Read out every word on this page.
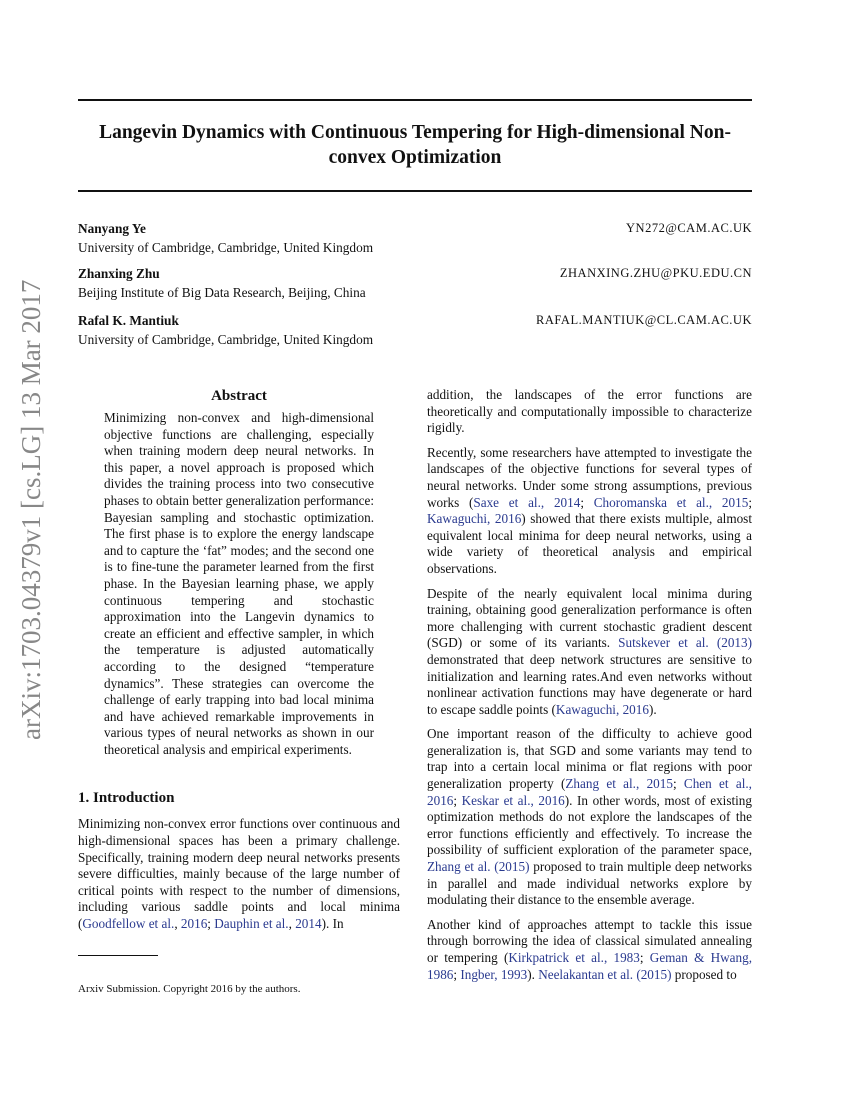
arXiv:1703.04379v1 [cs.LG] 13 Mar 2017
Langevin Dynamics with Continuous Tempering for High-dimensional Non-convex Optimization
Nanyang Ye
University of Cambridge, Cambridge, United Kingdom
YN272@CAM.AC.UK
Zhanxing Zhu
Beijing Institute of Big Data Research, Beijing, China
ZHANXING.ZHU@PKU.EDU.CN
Rafal K. Mantiuk
University of Cambridge, Cambridge, United Kingdom
RAFAL.MANTIUK@CL.CAM.AC.UK
Abstract

Minimizing non-convex and high-dimensional objective functions are challenging, especially when training modern deep neural networks. In this paper, a novel approach is proposed which divides the training process into two consecutive phases to obtain better generalization performance: Bayesian sampling and stochastic optimization. The first phase is to explore the energy landscape and to capture the ‘fat” modes; and the second one is to fine-tune the parameter learned from the first phase. In the Bayesian learning phase, we apply continuous tempering and stochastic approximation into the Langevin dynamics to create an efficient and effective sampler, in which the temperature is adjusted automatically according to the designed “temperature dynamics”. These strategies can overcome the challenge of early trapping into bad local minima and have achieved remarkable improvements in various types of neural networks as shown in our theoretical analysis and empirical experiments.

1. Introduction

Minimizing non-convex error functions over continuous and high-dimensional spaces has been a primary challenge. Specifically, training modern deep neural networks presents severe difficulties, mainly because of the large number of critical points with respect to the number of dimensions, including various saddle points and local minima (Goodfellow et al., 2016; Dauphin et al., 2014). In

Arxiv Submission. Copyright 2016 by the authors.

addition, the landscapes of the error functions are theoretically and computationally impossible to characterize rigidly.

Recently, some researchers have attempted to investigate the landscapes of the objective functions for several types of neural networks. Under some strong assumptions, previous works (Saxe et al., 2014; Choromanska et al., 2015; Kawaguchi, 2016) showed that there exists multiple, almost equivalent local minima for deep neural networks, using a wide variety of theoretical analysis and empirical observations.

Despite of the nearly equivalent local minima during training, obtaining good generalization performance is often more challenging with current stochastic gradient descent (SGD) or some of its variants. Sutskever et al. (2013) demonstrated that deep network structures are sensitive to initialization and learning rates.And even networks without nonlinear activation functions may have degenerate or hard to escape saddle points (Kawaguchi, 2016).

One important reason of the difficulty to achieve good generalization is, that SGD and some variants may tend to trap into a certain local minima or flat regions with poor generalization property (Zhang et al., 2015; Chen et al., 2016; Keskar et al., 2016). In other words, most of existing optimization methods do not explore the landscapes of the error functions efficiently and effectively. To increase the possibility of sufficient exploration of the parameter space, Zhang et al. (2015) proposed to train multiple deep networks in parallel and made individual networks explore by modulating their distance to the ensemble average.

Another kind of approaches attempt to tackle this issue through borrowing the idea of classical simulated annealing or tempering (Kirkpatrick et al., 1983; Geman & Hwang, 1986; Ingber, 1993). Neelakantan et al. (2015) proposed to
